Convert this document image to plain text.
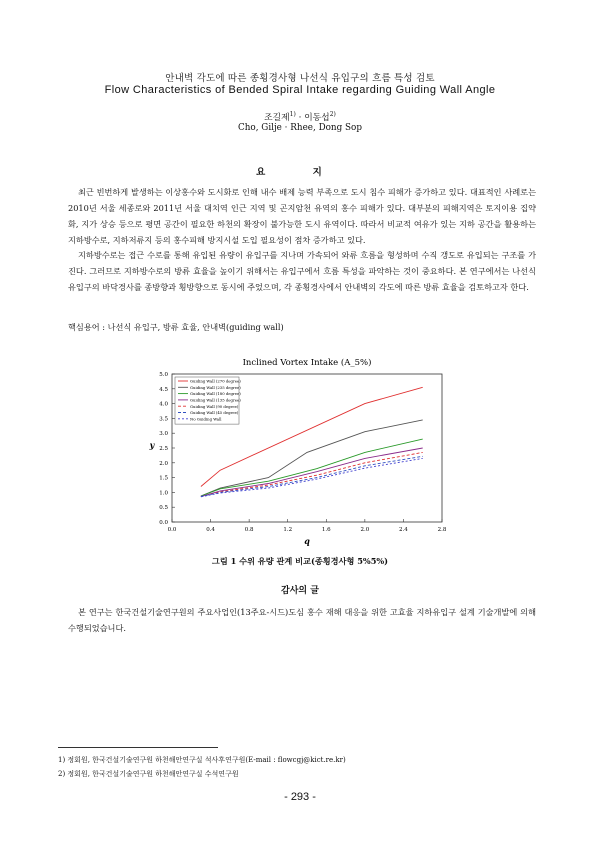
안내벽 각도에 따른 종횡경사형 나선식 유입구의 흐름 특성 검토
Flow Characteristics of Bended Spiral Intake regarding Guiding Wall Angle
조길제$^{1)}$ · 이동섭$^{2)}$
Cho, Gilje · Rhee, Dong Sop
요 지
최근 빈번하게 발생하는 이상홍수와 도시화로 인해 내수 배제 능력 부족으로 도시 침수 피해가 증가하고 있다. 대표적인 사례로는 2010년 서울 세종로와 2011년 서울 대치역 인근 지역 및 곤지암천 유역의 홍수 피해가 있다. 대부분의 피해지역은 토지이용 집약화, 지가 상승 등으로 평면 공간이 필요한 하천의 확장이 불가능한 도시 유역이다. 따라서 비교적 여유가 있는 지하 공간을 활용하는 지하방수로, 지하저류지 등의 홍수피해 방지시설 도입 필요성이 점차 증가하고 있다.
지하방수로는 접근 수로를 통해 유입된 유량이 유입구를 지나며 가속되어 와류 흐름을 형성하며 수직 갱도로 유입되는 구조를 가진다. 그러므로 지하방수로의 방류 효율을 높이기 위해서는 유입구에서 흐름 특성을 파악하는 것이 중요하다. 본 연구에서는 나선식 유입구의 바닥경사를 종방향과 횡방향으로 동시에 주었으며, 각 종횡경사에서 안내벽의 각도에 따른 방류 효율을 검토하고자 한다.
핵심용어 : 나선식 유입구, 방류 효율, 안내벽(guiding wall)
Inclined Vortex Intake (A_5%)
0.0
0.5
1.0
1.5
2.0
2.5
3.0
3.5
4.0
4.5
5.0
0.0	0.4	0.8	1.2	1.6	2.0	2.4	2.8
q
y
Guiding Wall (270 degree)
Guiding Wall (235 degree)
Guiding Wall (180 degree)
Guiding Wall (135 degree)
Guiding Wall (90 degree)
Guiding Wall (45 degree)
No Guiding Wall
그림 1 수위 유량 관계 비교(종횡경사형 5%5%)
감사의 글
본 연구는 한국건설기술연구원의 주요사업인(13주요-시드)도심 홍수 재해 대응을 위한 고효율 지하유입구 설계 기술개발에 의해 수행되었습니다.
1) 정회원, 한국건설기술연구원 하천해안연구실 석사후연구원(E-mail : flowcgj@kict.re.kr)
2) 정회원, 한국건설기술연구원 하천해안연구실 수석연구원
- 293 -
